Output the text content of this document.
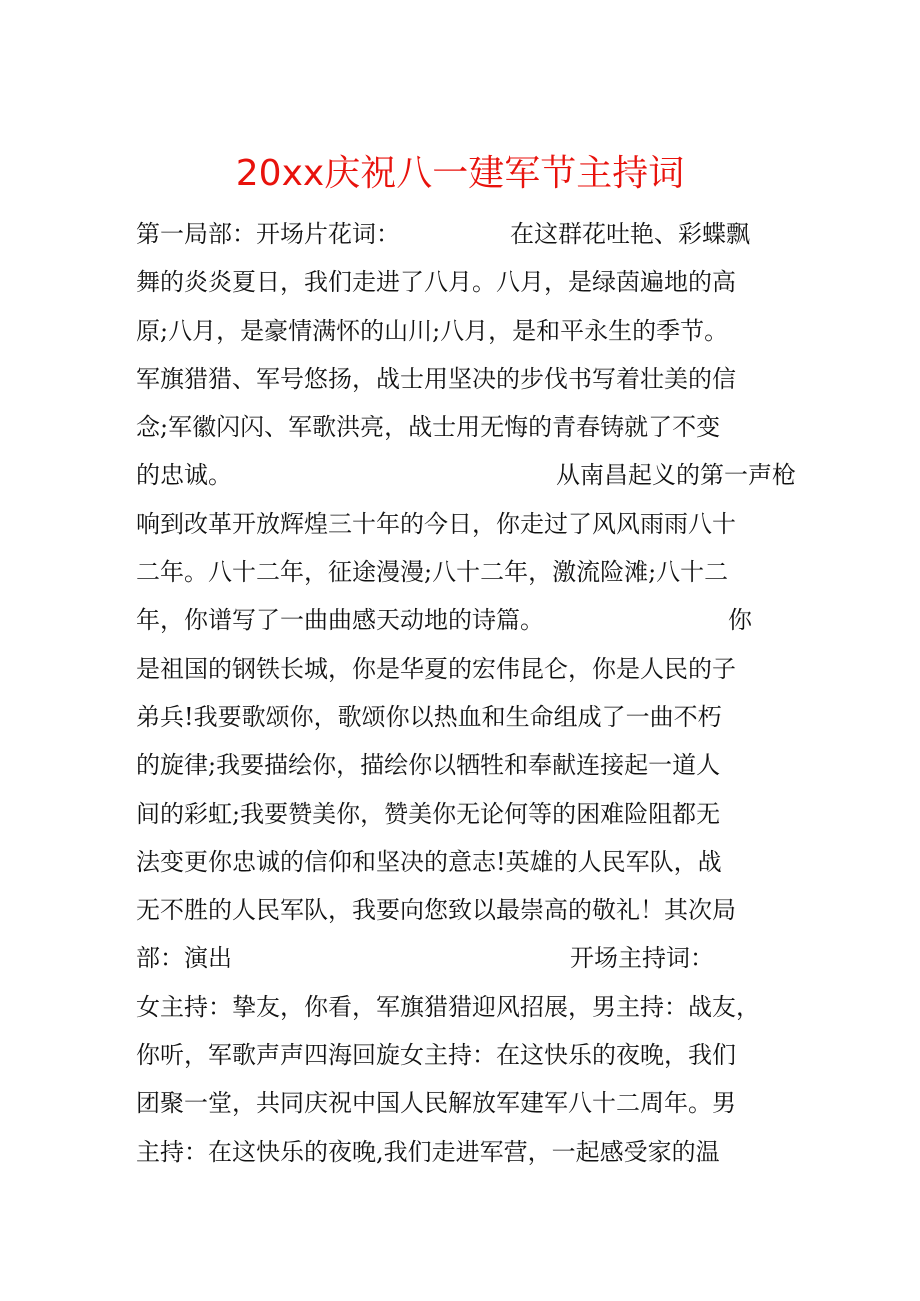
20xx庆祝八一建军节主持词
第一局部：开场片花词：	在这群花吐艳、彩蝶飘
舞的炎炎夏日，我们走进了八月。八月，是绿茵遍地的高
原;八月，是豪情满怀的山川;八月，是和平永生的季节。
军旗猎猎、军号悠扬，战士用坚决的步伐书写着壮美的信
念;军徽闪闪、军歌洪亮，战士用无悔的青春铸就了不变
的忠诚。	从南昌起义的第一声枪
响到改革开放辉煌三十年的今日，你走过了风风雨雨八十
二年。八十二年，征途漫漫;八十二年，激流险滩;八十二
年，你谱写了一曲曲感天动地的诗篇。	你
是祖国的钢铁长城，你是华夏的宏伟昆仑，你是人民的子
弟兵!我要歌颂你，歌颂你以热血和生命组成了一曲不朽
的旋律;我要描绘你，描绘你以牺牲和奉献连接起一道人
间的彩虹;我要赞美你，赞美你无论何等的困难险阻都无
法变更你忠诚的信仰和坚决的意志!英雄的人民军队，战
无不胜的人民军队，我要向您致以最崇高的敬礼！其次局
部：演出	开场主持词：
女主持：挚友，你看，军旗猎猎迎风招展，男主持：战友，
你听，军歌声声四海回旋女主持：在这快乐的夜晚，我们
团聚一堂，共同庆祝中国人民解放军建军八十二周年。男
主持：在这快乐的夜晚,我们走进军营，一起感受家的温
